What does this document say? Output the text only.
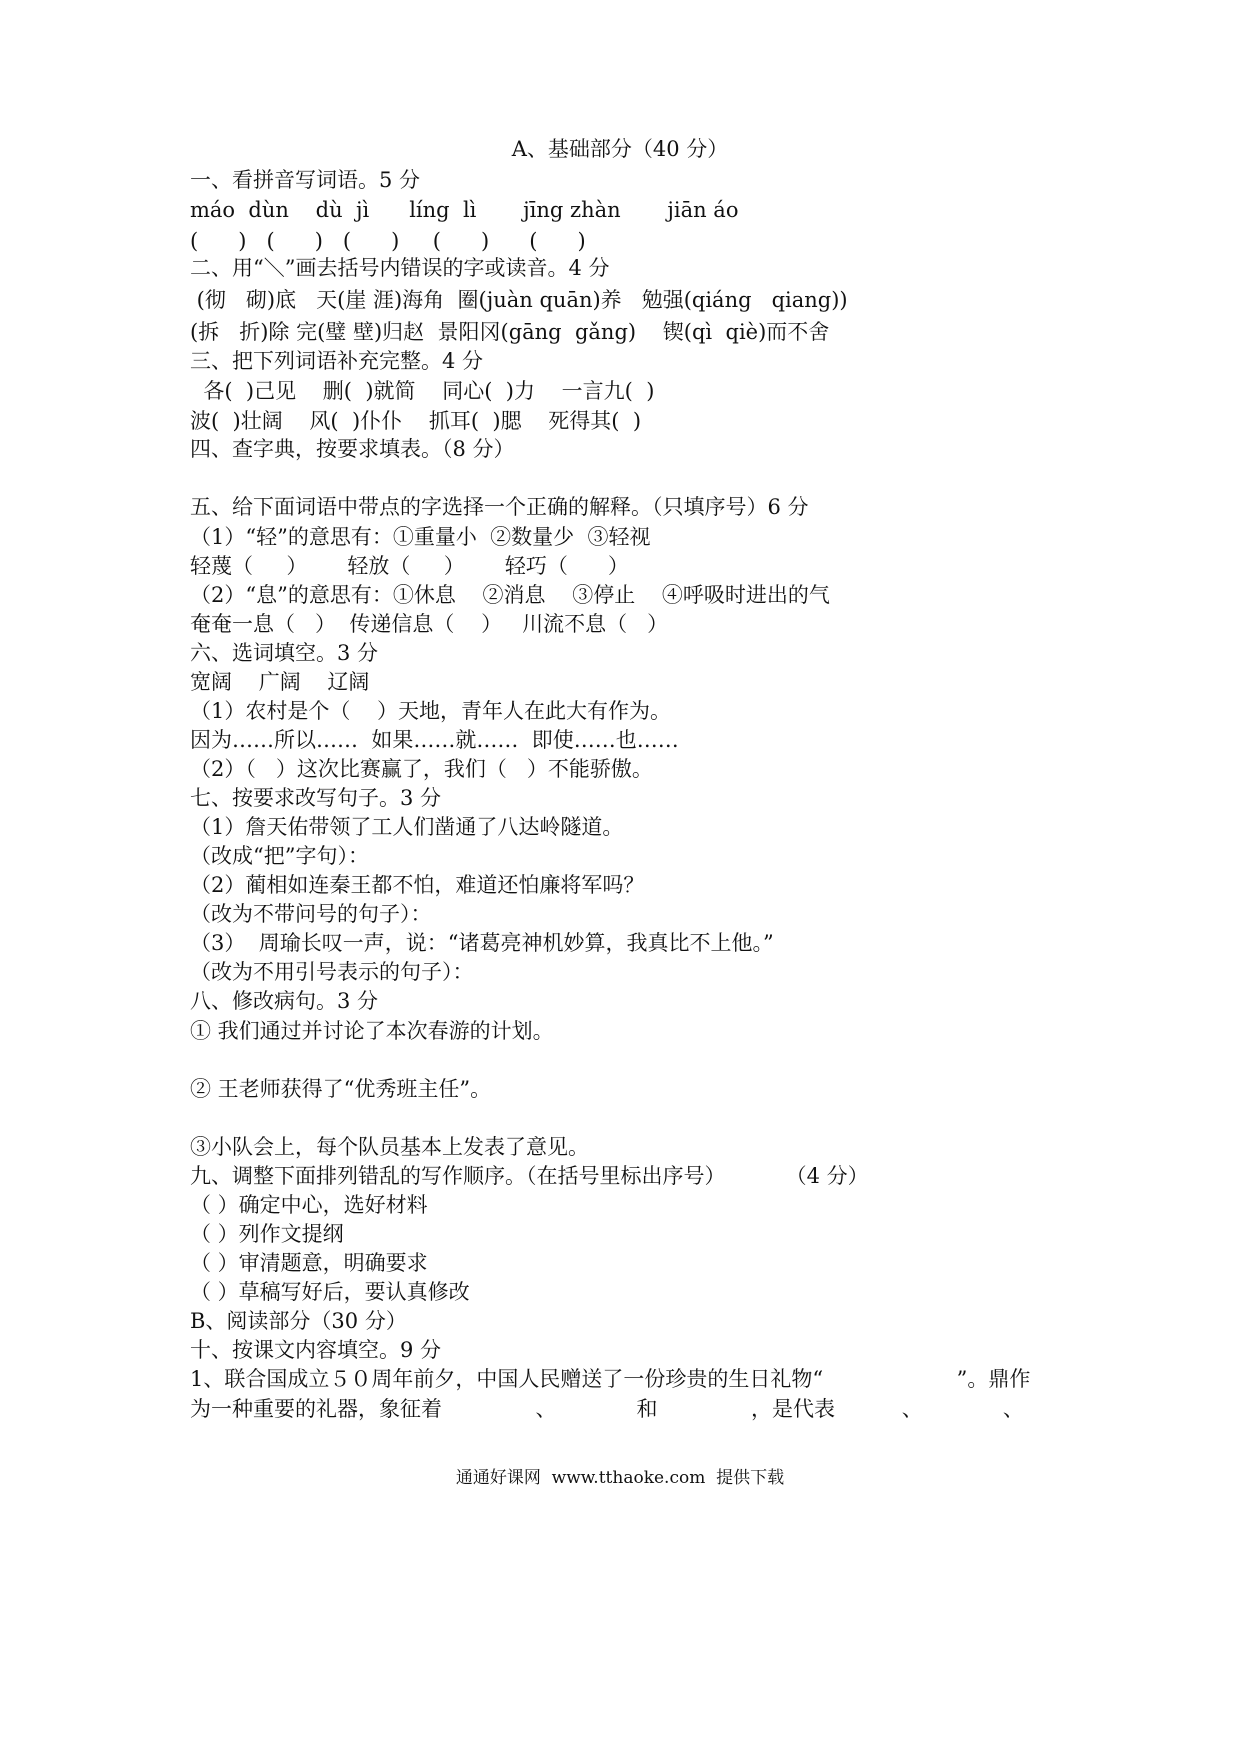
A、基础部分（40 分）
一、看拼音写词语。5 分
máo  dùn    dù  jì      líng  lì       jīng zhàn       jiān áo
(      )   (      )   (      )     (      )      (      )
二、用“＼”画去括号内错误的字或读音。4 分
(彻   砌)底   天(崖 涯)海角  圈(juàn quān)养   勉强(qiáng   qiang))
(拆   折)除 完(璧 壁)归赵  景阳冈(gāng  gǎng)    锲(qì  qiè)而不舍
三、把下列词语补充完整。4 分
各(  )己见    删(  )就简    同心(  )力    一言九(  )
波(  )壮阔    风(  )仆仆    抓耳(  )腮    死得其(  )
四、查字典，按要求填表。（8 分）
五、给下面词语中带点的字选择一个正确的解释。（只填序号）6 分
（1）“轻”的意思有：①重量小  ②数量少  ③轻视
轻蔑（     ）      轻放（     ）      轻巧（      ）
（2）“息”的意思有：①休息    ②消息    ③停止    ④呼吸时进出的气
奄奄一息（   ）  传递信息（    ）   川流不息（   ）
六、选词填空。3 分
宽阔    广阔    辽阔
（1）农村是个（    ）天地，青年人在此大有作为。
因为……所以……  如果……就……  即使……也……
（2）（   ）这次比赛赢了，我们（   ）不能骄傲。
七、按要求改写句子。3 分
（1）詹天佑带领了工人们凿通了八达岭隧道。
（改成“把”字句）：
（2）蔺相如连秦王都不怕，难道还怕廉将军吗？
（改为不带问号的句子）：
（3）  周瑜长叹一声，说：“诸葛亮神机妙算，我真比不上他。”
（改为不用引号表示的句子）：
八、修改病句。3 分
① 我们通过并讨论了本次春游的计划。
② 王老师获得了“优秀班主任”。
③小队会上，每个队员基本上发表了意见。
九、调整下面排列错乱的写作顺序。（在括号里标出序号）         （4 分）
（ ）确定中心，选好材料
（ ）列作文提纲
（ ）审清题意，明确要求
（ ）草稿写好后，要认真修改
B、阅读部分（30 分）
十、按课文内容填空。9 分
1、联合国成立５０周年前夕，中国人民赠送了一份珍贵的生日礼物“                    ”。鼎作
为一种重要的礼器，象征着              、            和              ，是代表          、            、
通通好课网  www.tthaoke.com  提供下载
